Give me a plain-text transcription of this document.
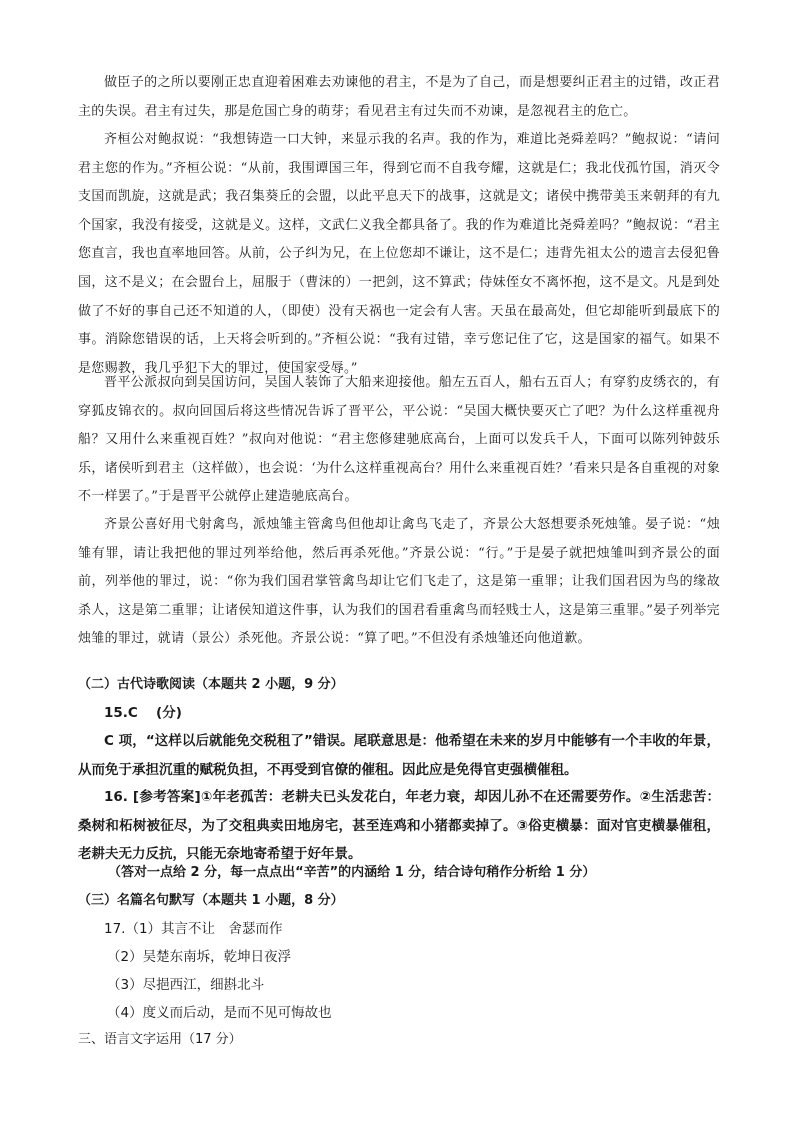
做臣子的之所以要刚正忠直迎着困难去劝谏他的君主，不是为了自己，而是想要纠正君主的过错，改正君主的失误。君主有过失，那是危国亡身的萌芽；看见君主有过失而不劝谏，是忽视君主的危亡。
齐桓公对鲍叔说：“我想铸造一口大钟，来显示我的名声。我的作为，难道比尧舜差吗？”鲍叔说：“请问君主您的作为。”齐桓公说：“从前，我围谭国三年，得到它而不自我夸耀，这就是仁；我北伐孤竹国，消灭令支国而凯旋，这就是武；我召集葵丘的会盟，以此平息天下的战事，这就是文；诸侯中携带美玉来朝拜的有九个国家，我没有接受，这就是义。这样，文武仁义我全都具备了。我的作为难道比尧舜差吗？”鲍叔说：“君主您直言，我也直率地回答。从前，公子纠为兄，在上位您却不谦让，这不是仁；违背先祖太公的遗言去侵犯鲁国，这不是义；在会盟台上，屈服于（曹沫的）一把剑，这不算武；侍妹侄女不离怀抱，这不是文。凡是到处做了不好的事自己还不知道的人，（即使）没有天祸也一定会有人害。天虽在最高处，但它却能听到最底下的事。消除您错误的话，上天将会听到的。”齐桓公说：“我有过错，幸亏您记住了它，这是国家的福气。如果不是您赐教，我几乎犯下大的罪过，使国家受辱。”
晋平公派叔向到吴国访问，吴国人装饰了大船来迎接他。船左五百人，船右五百人；有穿豹皮绣衣的，有穿狐皮锦衣的。叔向回国后将这些情况告诉了晋平公，平公说：“吴国大概快要灭亡了吧？为什么这样重视舟船？又用什么来重视百姓？”叔向对他说：“君主您修建驰底高台，上面可以发兵千人，下面可以陈列钟鼓乐乐，诸侯听到君主（这样做），也会说：‘为什么这样重视高台？用什么来重视百姓？’看来只是各自重视的对象不一样罢了。”于是晋平公就停止建造驰底高台。
齐景公喜好用弋射禽鸟，派烛雏主管禽鸟但他却让禽鸟飞走了，齐景公大怒想要杀死烛雏。晏子说：“烛雏有罪，请让我把他的罪过列举给他，然后再杀死他。”齐景公说：“行。”于是晏子就把烛雏叫到齐景公的面前，列举他的罪过，说：“你为我们国君掌管禽鸟却让它们飞走了，这是第一重罪；让我们国君因为鸟的缘故杀人，这是第二重罪；让诸侯知道这件事，认为我们的国君看重禽鸟而轻贱士人，这是第三重罪。”晏子列举完烛雏的罪过，就请（景公）杀死他。齐景公说：“算了吧。”不但没有杀烛雏还向他道歉。
（二）古代诗歌阅读（本题共 2 小题，9 分）
15.C　 (分)
C 项，“这样以后就能免交税租了”错误。尾联意思是：他希望在未来的岁月中能够有一个丰收的年景，从而免于承担沉重的赋税负担，不再受到官僚的催租。因此应是免得官吏强横催租。
16. [参考答案]①年老孤苦：老耕夫已头发花白，年老力衰，却因儿孙不在还需要劳作。②生活悲苦：桑树和柘树被征尽，为了交租典卖田地房宅，甚至连鸡和小猪都卖掉了。③俗吏横暴：面对官吏横暴催租，老耕夫无力反抗，只能无奈地寄希望于好年景。
（答对一点给 2 分，每一点点出“辛苦”的内涵给 1 分，结合诗句稍作分析给 1 分）
（三）名篇名句默写（本题共 1 小题，8 分）
17.（1）其言不让　舍瑟而作
（2）吴楚东南坼，乾坤日夜浮
（3）尽挹西江，细斟北斗
（4）度义而后动，是而不见可悔故也
三、语言文字运用（17 分）
